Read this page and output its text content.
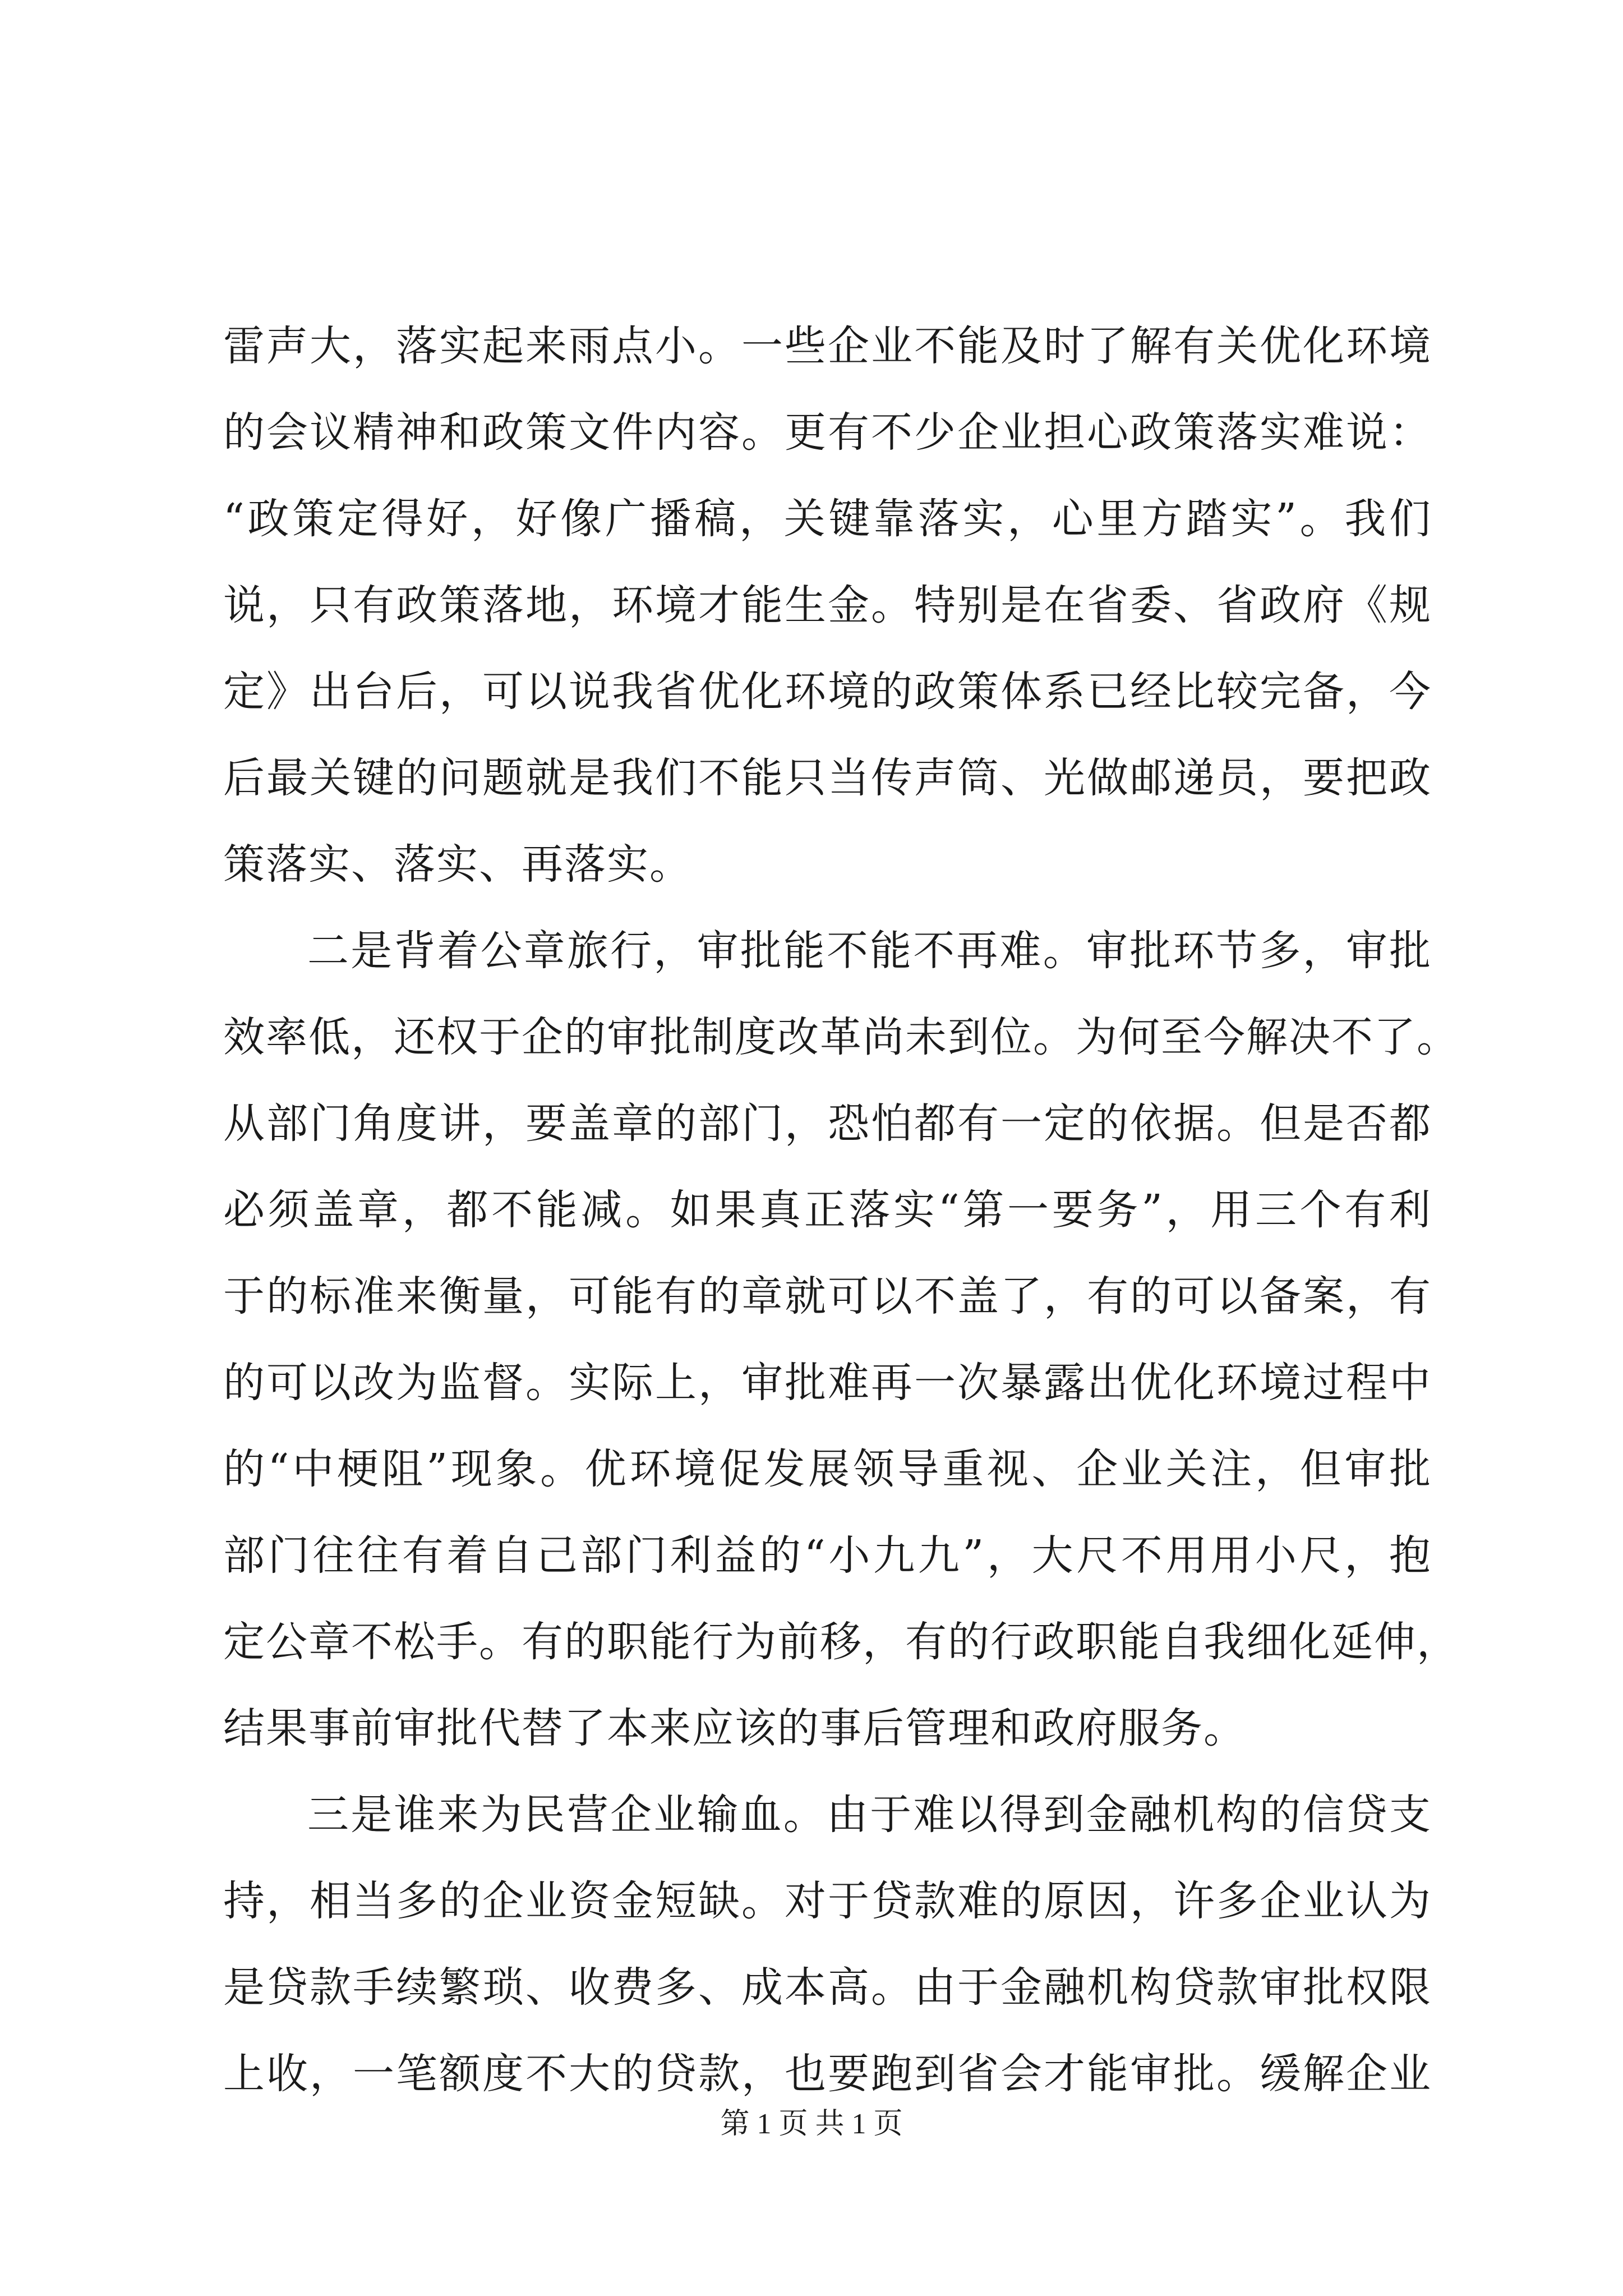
雷声大，落实起来雨点小。一些企业不能及时了解有关优化环境
的会议精神和政策文件内容。更有不少企业担心政策落实难说：
“政策定得好，好像广播稿，关键靠落实，心里方踏实”。我们
说，只有政策落地，环境才能生金。特别是在省委、省政府《规
定》出台后，可以说我省优化环境的政策体系已经比较完备，今
后最关键的问题就是我们不能只当传声筒、光做邮递员，要把政
策落实、落实、再落实。
二是背着公章旅行，审批能不能不再难。审批环节多，审批
效率低，还权于企的审批制度改革尚未到位。为何至今解决不了。
从部门角度讲，要盖章的部门，恐怕都有一定的依据。但是否都
必须盖章，都不能减。如果真正落实“第一要务”，用三个有利
于的标准来衡量，可能有的章就可以不盖了，有的可以备案，有
的可以改为监督。实际上，审批难再一次暴露出优化环境过程中
的“中梗阻”现象。优环境促发展领导重视、企业关注，但审批
部门往往有着自己部门利益的“小九九”，大尺不用用小尺，抱
定公章不松手。有的职能行为前移，有的行政职能自我细化延伸，
结果事前审批代替了本来应该的事后管理和政府服务。
三是谁来为民营企业输血。由于难以得到金融机构的信贷支
持，相当多的企业资金短缺。对于贷款难的原因，许多企业认为
是贷款手续繁琐、收费多、成本高。由于金融机构贷款审批权限
上收，一笔额度不大的贷款，也要跑到省会才能审批。缓解企业
第 1 页 共 1 页
